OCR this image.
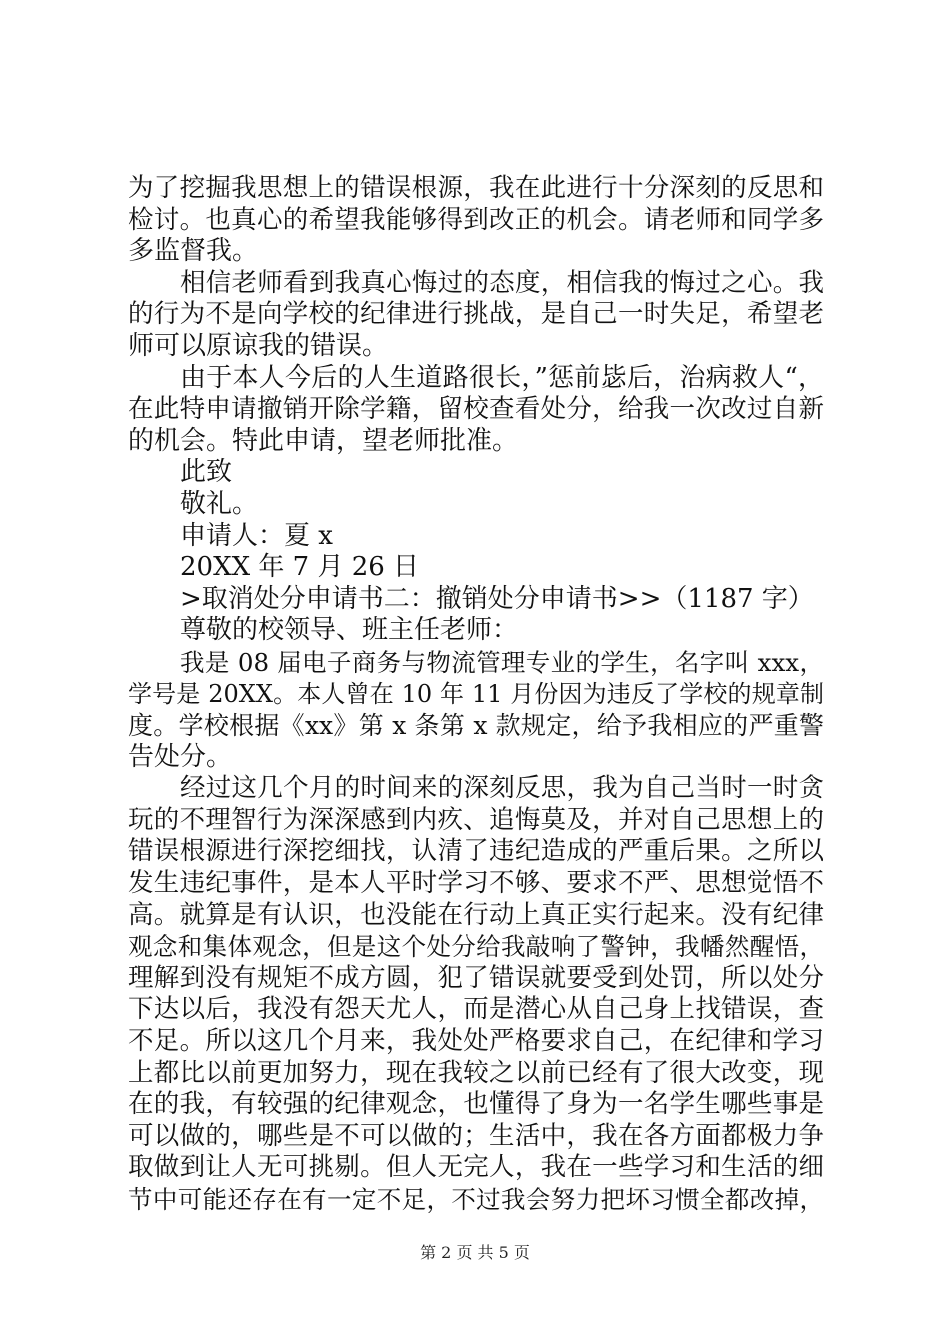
为了挖掘我思想上的错误根源，我在此进行十分深刻的反思和
检讨。也真心的希望我能够得到改正的机会。请老师和同学多
多监督我。
相信老师看到我真心悔过的态度，相信我的悔过之心。我
的行为不是向学校的纪律进行挑战，是自己一时失足，希望老
师可以原谅我的错误。
由于本人今后的人生道路很长，”惩前毖后，治病救人“，
在此特申请撤销开除学籍，留校查看处分，给我一次改过自新
的机会。特此申请，望老师批准。
此致
敬礼。
申请人：夏 x
20XX 年 7 月 26 日
>取消处分申请书二：撤销处分申请书>>（1187 字）
尊敬的校领导、班主任老师：
我是 08 届电子商务与物流管理专业的学生，名字叫 xxx，
学号是 20XX。本人曾在 10 年 11 月份因为违反了学校的规章制
度。学校根据《xx》第 x 条第 x 款规定，给予我相应的严重警
告处分。
经过这几个月的时间来的深刻反思，我为自己当时一时贪
玩的不理智行为深深感到内疚、追悔莫及，并对自己思想上的
错误根源进行深挖细找，认清了违纪造成的严重后果。之所以
发生违纪事件，是本人平时学习不够、要求不严、思想觉悟不
高。就算是有认识，也没能在行动上真正实行起来。没有纪律
观念和集体观念，但是这个处分给我敲响了警钟，我幡然醒悟，
理解到没有规矩不成方圆，犯了错误就要受到处罚，所以处分
下达以后，我没有怨天尤人，而是潜心从自己身上找错误，查
不足。所以这几个月来，我处处严格要求自己，在纪律和学习
上都比以前更加努力，现在我较之以前已经有了很大改变，现
在的我，有较强的纪律观念，也懂得了身为一名学生哪些事是
可以做的，哪些是不可以做的；生活中，我在各方面都极力争
取做到让人无可挑剔。但人无完人，我在一些学习和生活的细
节中可能还存在有一定不足，不过我会努力把坏习惯全都改掉，
第 2 页 共 5 页
